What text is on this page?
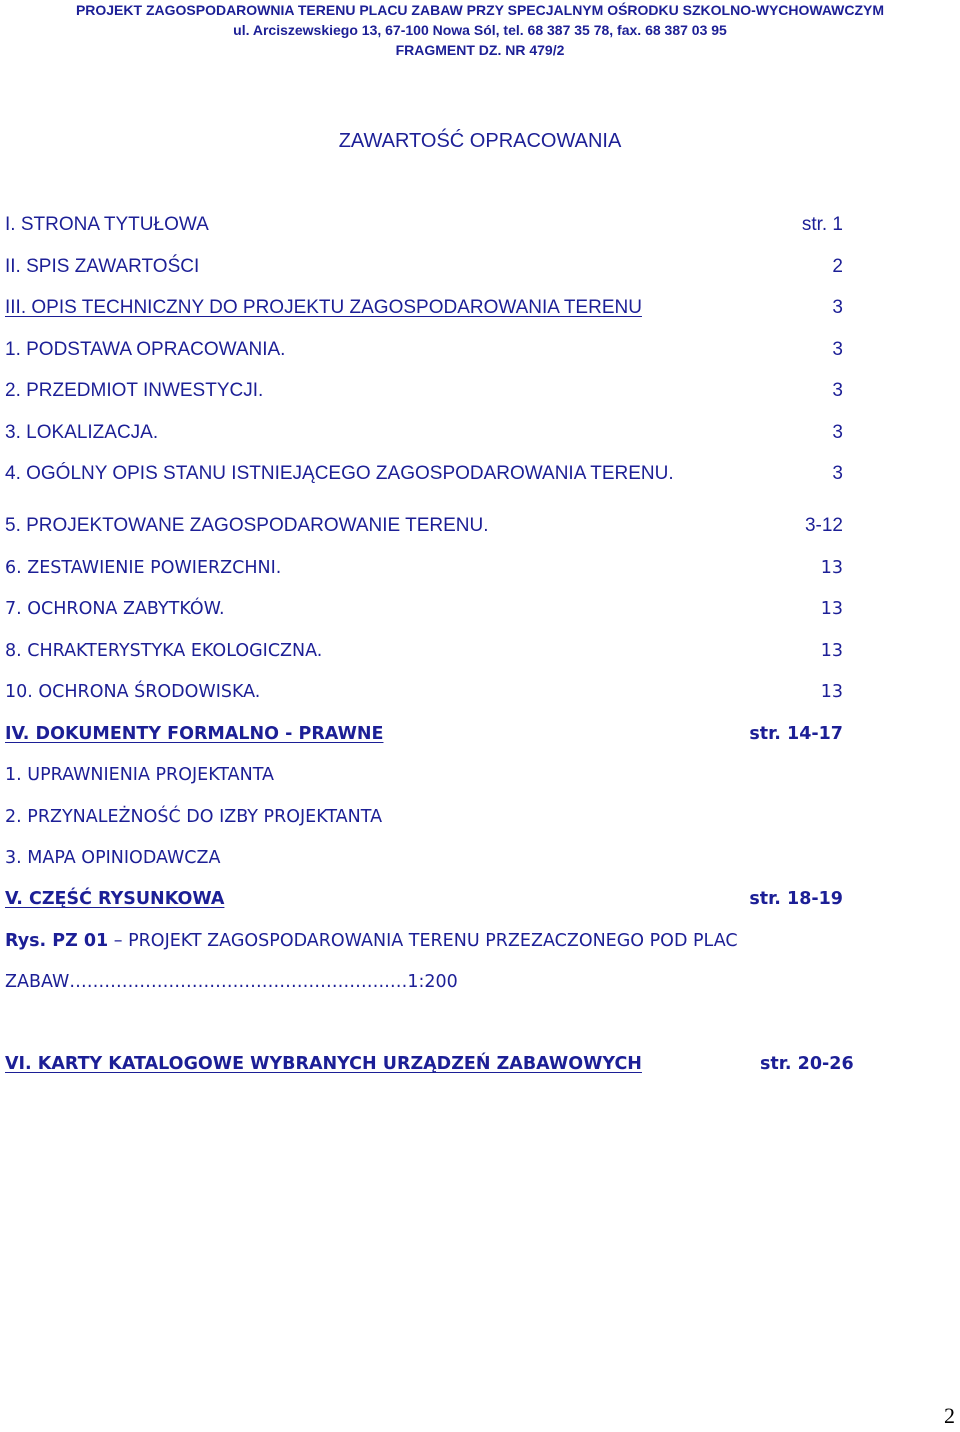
PROJEKT ZAGOSPODAROWNIA TERENU PLACU ZABAW PRZY SPECJALNYM OŚRODKU SZKOLNO-WYCHOWAWCZYM
ul. Arciszewskiego 13, 67-100 Nowa Sól, tel. 68 387 35 78, fax. 68 387 03 95
FRAGMENT DZ. NR 479/2
ZAWARTOŚĆ OPRACOWANIA
I. STRONA TYTUŁOWA	str. 1
II. SPIS ZAWARTOŚCI	2
III. OPIS TECHNICZNY DO PROJEKTU ZAGOSPODAROWANIA TERENU	3
1. PODSTAWA OPRACOWANIA.	3
2. PRZEDMIOT INWESTYCJI.	3
3. LOKALIZACJA.	3
4. OGÓLNY OPIS STANU ISTNIEJĄCEGO ZAGOSPODAROWANIA TERENU.	3
5. PROJEKTOWANE ZAGOSPODAROWANIE TERENU.	3-12
6. ZESTAWIENIE POWIERZCHNI.	13
7. OCHRONA ZABYTKÓW.	13
8. CHRAKTERYSTYKA EKOLOGICZNA.	13
10. OCHRONA ŚRODOWISKA.	13
IV. DOKUMENTY FORMALNO - PRAWNE	str. 14-17
1. UPRAWNIENIA PROJEKTANTA
2. PRZYNALEŻNOŚĆ DO IZBY PROJEKTANTA
3. MAPA OPINIODAWCZA
V. CZĘŚĆ RYSUNKOWA	str. 18-19
Rys. PZ 01 – PROJEKT ZAGOSPODAROWANIA TERENU PRZEZACZONEGO POD PLAC
ZABAW……………………………………………….…1:200
VI. KARTY KATALOGOWE WYBRANYCH URZĄDZEŃ ZABAWOWYCH	str. 20-26
2
